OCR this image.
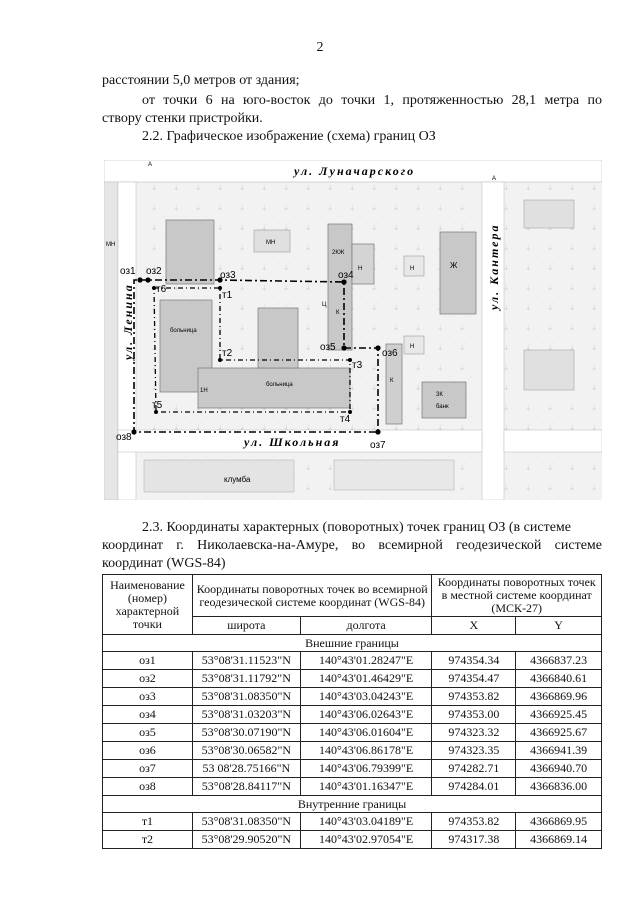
2
расстоянии 5,0 метров от здания;
от точки 6 на юго-восток до точки 1, протяженностью 28,1 метра по
створу стенки пристройки.
2.2. Графическое изображение (схема) границ ОЗ
оз1 оз2	оз3	оз4
оз5
оз6
оз7
оз8
т1
т2
т3
т4
т5
т6
ул. Луначарского
ул. Ленина
ул. Кантера
ул. Школьная
больница
больница
1Н
3К
банк
клумба
МН
МН
2КЖ
Н	Н
Н
К
К
Ж
Ц
А
А
2.3. Координаты характерных (поворотных) точек границ ОЗ (в системе
координат г. Николаевска-на-Амуре, во всемирной геодезической системе
координат (WGS-84)
Наименование (номер) характерной точки	Координаты поворотных точек во всемирной геодезической системе координат (WGS-84)		Координаты поворотных точек в местной системе координат (МСК-27)	
	широта	долгота	X	Y
Внешние границы				
оз1	53°08'31.11523"N	140°43'01.28247"E	974354.34	4366837.23
оз2	53°08'31.11792"N	140°43'01.46429"E	974354.47	4366840.61
оз3	53°08'31.08350"N	140°43'03.04243"E	974353.82	4366869.96
оз4	53°08'31.03203"N	140°43'06.02643"E	974353.00	4366925.45
оз5	53°08'30.07190"N	140°43'06.01604"E	974323.32	4366925.67
оз6	53°08'30.06582"N	140°43'06.86178"E	974323.35	4366941.39
оз7	53 08'28.75166"N	140°43'06.79399"E	974282.71	4366940.70
оз8	53°08'28.84117"N	140°43'01.16347"E	974284.01	4366836.00
Внутренние границы				
т1	53°08'31.08350"N	140°43'03.04189"E	974353.82	4366869.95
т2	53°08'29.90520"N	140°43'02.97054"E	974317.38	4366869.14
